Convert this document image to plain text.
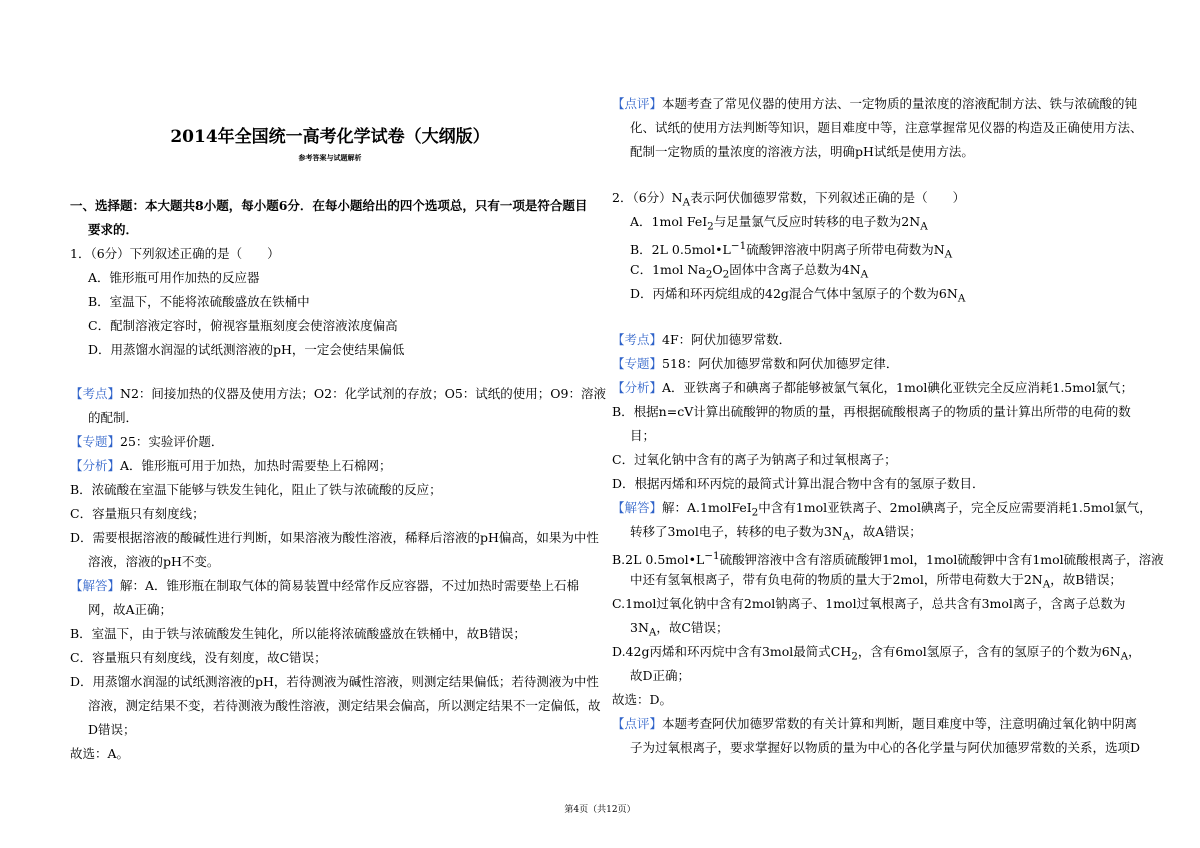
2014年全国统一高考化学试卷（大纲版）
参考答案与试题解析
一、选择题：本大题共8小题，每小题6分．在每小题给出的四个选项总，只有一项是符合题目
要求的．
1．（6分）下列叙述正确的是（　　）
A．锥形瓶可用作加热的反应器
B．室温下，不能将浓硫酸盛放在铁桶中
C．配制溶液定容时，俯视容量瓶刻度会使溶液浓度偏高
D．用蒸馏水润湿的试纸测溶液的pH，一定会使结果偏低
【考点】N2：间接加热的仪器及使用方法；O2：化学试剂的存放；O5：试纸的使用；O9：溶液
的配制．
【专题】25：实验评价题．
【分析】A．锥形瓶可用于加热，加热时需要垫上石棉网；
B．浓硫酸在室温下能够与铁发生钝化，阻止了铁与浓硫酸的反应；
C．容量瓶只有刻度线；
D．需要根据溶液的酸碱性进行判断，如果溶液为酸性溶液，稀释后溶液的pH偏高，如果为中性
溶液，溶液的pH不变。
【解答】解：A．锥形瓶在制取气体的简易装置中经常作反应容器，不过加热时需要垫上石棉
网，故A正确；
B．室温下，由于铁与浓硫酸发生钝化，所以能将浓硫酸盛放在铁桶中，故B错误；
C．容量瓶只有刻度线，没有刻度，故C错误；
D．用蒸馏水润湿的试纸测溶液的pH，若待测液为碱性溶液，则测定结果偏低；若待测液为中性
溶液，测定结果不变，若待测液为酸性溶液，测定结果会偏高，所以测定结果不一定偏低，故
D错误；
故选：A。
【点评】本题考查了常见仪器的使用方法、一定物质的量浓度的溶液配制方法、铁与浓硫酸的钝
化、试纸的使用方法判断等知识，题目难度中等，注意掌握常见仪器的构造及正确使用方法、
配制一定物质的量浓度的溶液方法，明确pH试纸是使用方法。
2．（6分）$N_A$表示阿伏伽德罗常数，下列叙述正确的是（　　）
A．1mol FeI$_2$与足量氯气反应时转移的电子数为$2N_A$
B．2L $0.5mol•L^{-1}$硫酸钾溶液中阴离子所带电荷数为$N_A$
C．1mol $Na_2O_2$固体中含离子总数为$4N_A$
D．丙烯和环丙烷组成的42g混合气体中氢原子的个数为$6N_A$
【考点】4F：阿伏加德罗常数．
【专题】518：阿伏加德罗常数和阿伏加德罗定律．
【分析】A．亚铁离子和碘离子都能够被氯气氧化，1mol碘化亚铁完全反应消耗1.5mol氯气；
B．根据n=cV计算出硫酸钾的物质的量，再根据硫酸根离子的物质的量计算出所带的电荷的数
目；
C．过氧化钠中含有的离子为钠离子和过氧根离子；
D．根据丙烯和环丙烷的最简式计算出混合物中含有的氢原子数目．
【解答】解：A.1molFeI$_2$中含有1mol亚铁离子、2mol碘离子，完全反应需要消耗1.5mol氯气，
转移了3mol电子，转移的电子数为$3N_A$，故A错误；
B.2L $0.5mol•L^{-1}$硫酸钾溶液中含有溶质硫酸钾1mol，1mol硫酸钾中含有1mol硫酸根离子，溶液
中还有氢氧根离子，带有负电荷的物质的量大于2mol，所带电荷数大于$2N_A$，故B错误；
C.1mol过氧化钠中含有2mol钠离子、1mol过氧根离子，总共含有3mol离子，含离子总数为
$3N_A$，故C错误；
D.42g丙烯和环丙烷中含有3mol最简式$CH_2$，含有6mol氢原子，含有的氢原子的个数为$6N_A$，
故D正确；
故选：D。
【点评】本题考查阿伏加德罗常数的有关计算和判断，题目难度中等，注意明确过氧化钠中阴离
子为过氧根离子，要求掌握好以物质的量为中心的各化学量与阿伏加德罗常数的关系，选项D
第4页（共12页）
